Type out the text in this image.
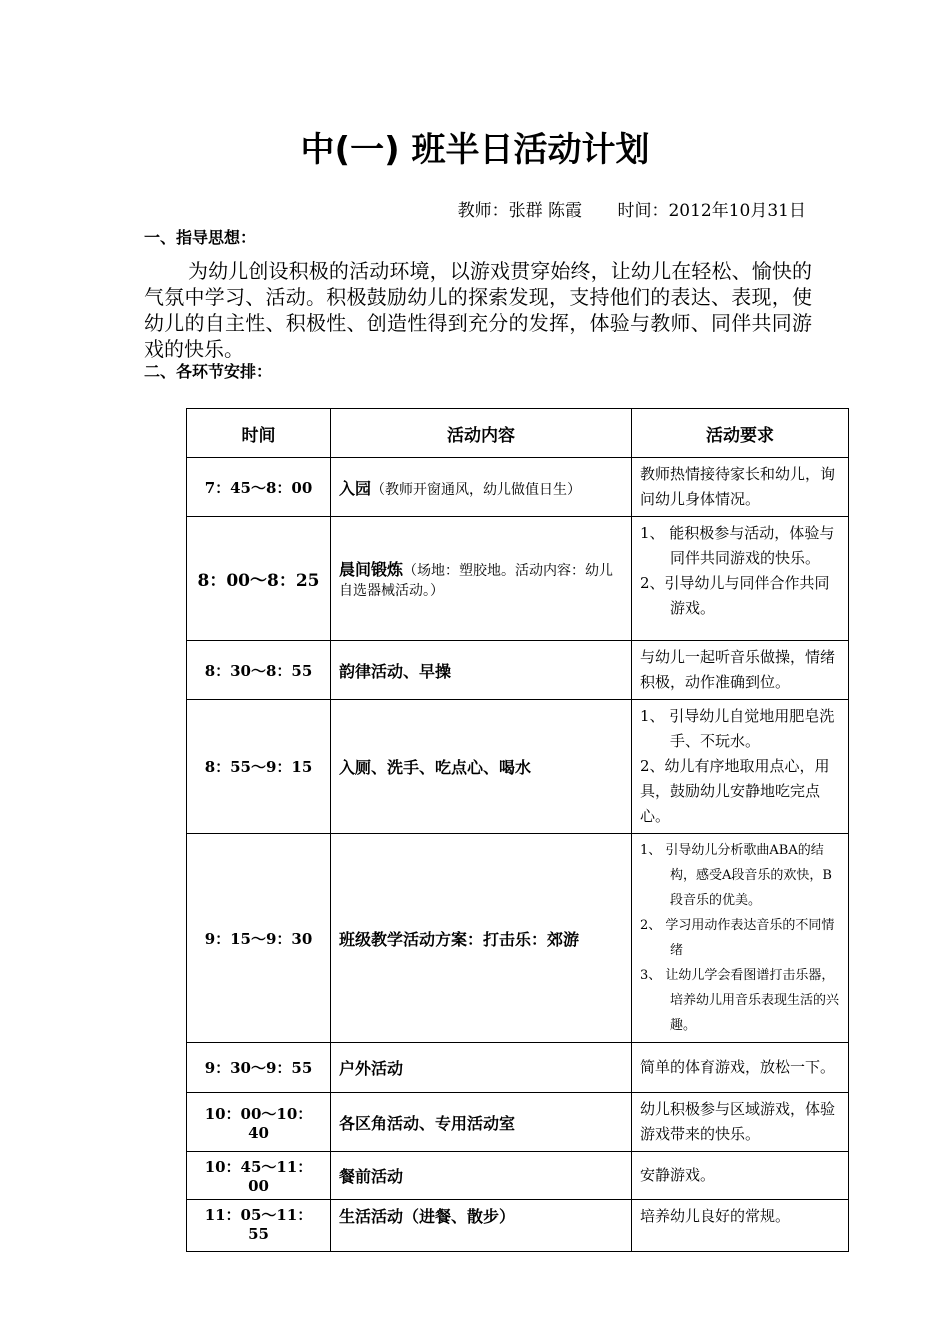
中(一) 班半日活动计划
教师：张群 陈霞 时间：2012年10月31日
一、指导思想：
为幼儿创设积极的活动环境，以游戏贯穿始终，让幼儿在轻松、愉快的气氛中学习、活动。积极鼓励幼儿的探索发现，支持他们的表达、表现，使幼儿的自主性、积极性、创造性得到充分的发挥，体验与教师、同伴共同游戏的快乐。
二、各环节安排：
时间	活动内容	活动要求
7：45～8：00	入园（教师开窗通风，幼儿做值日生）	教师热情接待家长和幼儿，询问幼儿身体情况。
8：00～8：25	晨间锻炼（场地：塑胶地。活动内容：幼儿自选器械活动。）	1、 能积极参与活动，体验与同伴共同游戏的快乐。
2、引导幼儿与同伴合作共同游戏。

8：30～8：55	韵律活动、早操	与幼儿一起听音乐做操，情绪积极，动作准确到位。
8：55～9：15	入厕、洗手、吃点心、喝水	1、 引导幼儿自觉地用肥皂洗手、不玩水。
2、幼儿有序地取用点心，用具，鼓励幼儿安静地吃完点心。

9：15～9：30	班级教学活动方案：打击乐：郊游	1、 引导幼儿分析歌曲ABA的结构，感受A段音乐的欢快，B段音乐的优美。
2、 学习用动作表达音乐的不同情绪
3、 让幼儿学会看图谱打击乐器，培养幼儿用音乐表现生活的兴趣。

9：30～9：55	户外活动	简单的体育游戏，放松一下。
10：00～10：40	各区角活动、专用活动室	幼儿积极参与区域游戏，体验游戏带来的快乐。
10：45～11：00	餐前活动	安静游戏。
11：05～11：55	生活活动（进餐、散步）	培养幼儿良好的常规。
